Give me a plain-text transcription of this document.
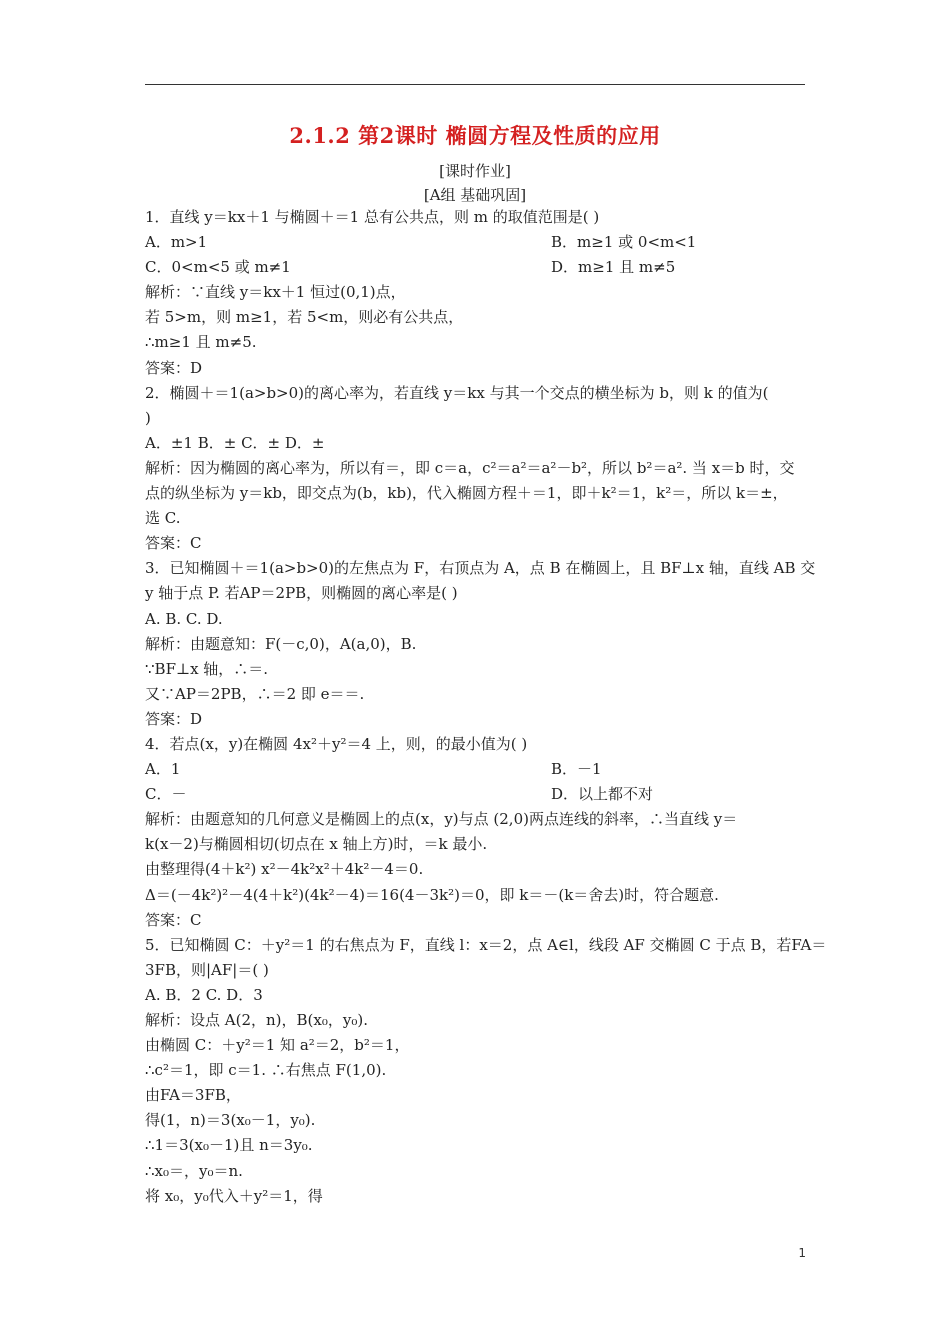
2.1.2 第2课时 椭圆方程及性质的应用
[课时作业]
[A组 基础巩固]
1．直线 y＝kx＋1 与椭圆＋＝1 总有公共点，则 m 的取值范围是( )
A．m>1	B．m≥1 或 0<m<1
C．0<m<5 或 m≠1	D．m≥1 且 m≠5
解析：∵直线 y＝kx＋1 恒过(0,1)点，
若 5>m，则 m≥1，若 5<m，则必有公共点，
∴m≥1 且 m≠5.
答案：D
2．椭圆＋＝1(a>b>0)的离心率为，若直线 y＝kx 与其一个交点的横坐标为 b，则 k 的值为(
)
A．±1 B．± C．± D．±
解析：因为椭圆的离心率为，所以有＝，即 c＝a，c²＝a²＝a²－b²，所以 b²＝a². 当 x＝b 时，交
点的纵坐标为 y＝kb，即交点为(b，kb)，代入椭圆方程＋＝1，即＋k²＝1，k²＝，所以 k＝±，
选 C.
答案：C
3．已知椭圆＋＝1(a>b>0)的左焦点为 F，右顶点为 A，点 B 在椭圆上，且 BF⊥x 轴，直线 AB 交
y 轴于点 P. 若AP＝2PB，则椭圆的离心率是( )
A. B. C. D.
解析：由题意知：F(－c,0)，A(a,0)，B.
∵BF⊥x 轴，∴＝.
又∵AP＝2PB，∴＝2 即 e＝＝.
答案：D
4．若点(x，y)在椭圆 4x²＋y²＝4 上，则，的最小值为( )
A．1	B．－1
C．－	D．以上都不对
解析：由题意知的几何意义是椭圆上的点(x，y)与点 (2,0)两点连线的斜率，∴当直线 y＝
k(x－2)与椭圆相切(切点在 x 轴上方)时，＝k 最小.
由整理得(4＋k²) x²－4k²x²＋4k²－4＝0.
Δ＝(－4k²)²－4(4＋k²)(4k²－4)＝16(4－3k²)＝0，即 k＝－(k＝舍去)时，符合题意.
答案：C
5．已知椭圆 C：＋y²＝1 的右焦点为 F，直线 l：x＝2，点 A∈l，线段 AF 交椭圆 C 于点 B，若FA＝
3FB，则|AF|＝( )
A. B．2 C. D．3
解析：设点 A(2，n)，B(x₀，y₀).
由椭圆 C：＋y²＝1 知 a²＝2，b²＝1，
∴c²＝1，即 c＝1. ∴右焦点 F(1,0).
由FA＝3FB，
得(1，n)＝3(x₀－1，y₀).
∴1＝3(x₀－1)且 n＝3y₀.
∴x₀＝，y₀＝n.
将 x₀，y₀代入＋y²＝1，得
1
